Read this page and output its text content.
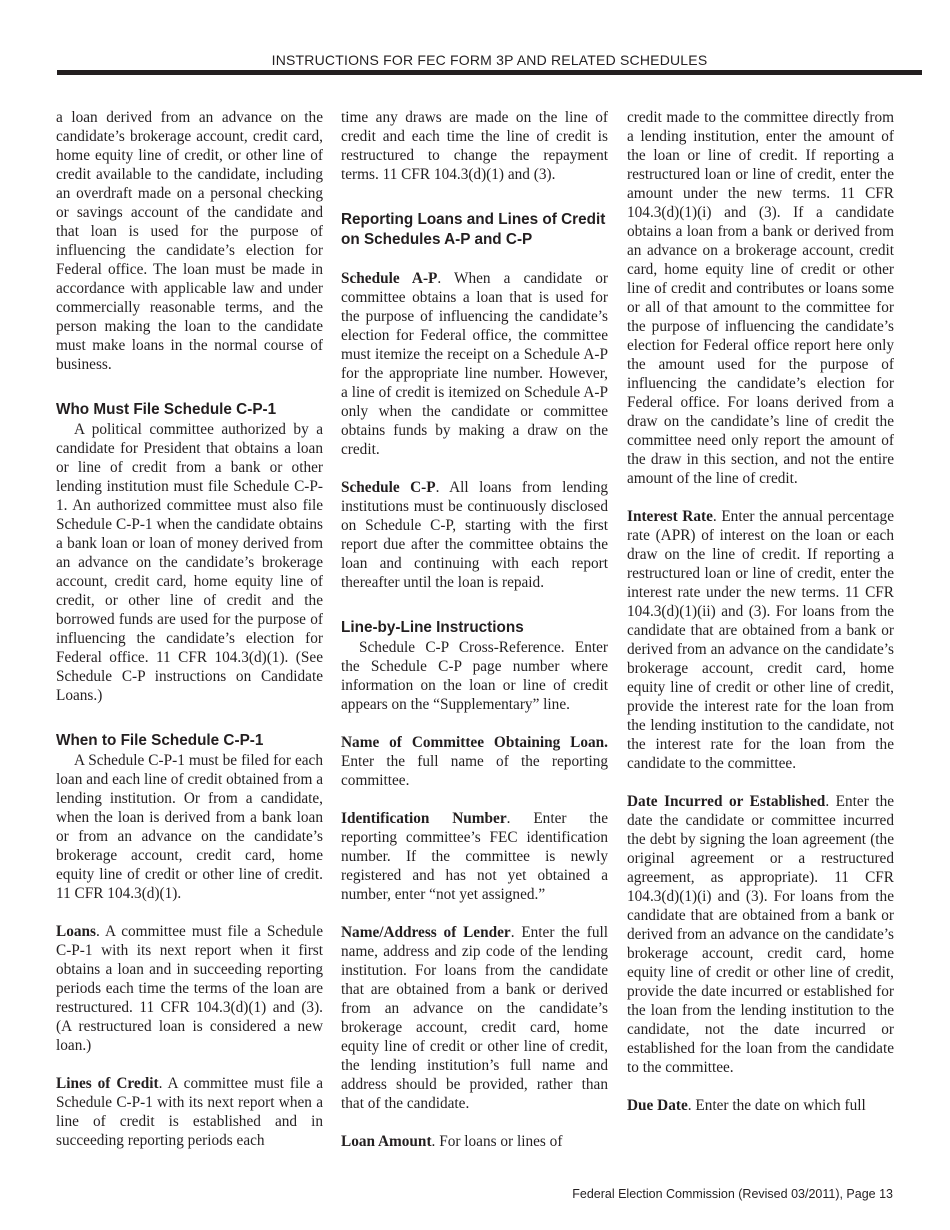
INSTRUCTIONS FOR FEC FORM 3P AND RELATED SCHEDULES

a loan derived from an advance on the candidate’s brokerage account, credit card, home equity line of credit, or other line of credit available to the candidate, including an overdraft made on a personal checking or savings account of the candidate and that loan is used for the purpose of influencing the candidate’s election for Federal office. The loan must be made in accordance with applicable law and under commercially reasonable terms, and the person making the loan to the candidate must make loans in the normal course of business.

Who Must File Schedule C-P-1

A political committee authorized by a candidate for President that obtains a loan or line of credit from a bank or other lending institution must file Schedule C-P-1. An authorized committee must also file Schedule C-P-1 when the candidate obtains a bank loan or loan of money derived from an advance on the candidate’s brokerage account, credit card, home equity line of credit, or other line of credit and the borrowed funds are used for the purpose of influencing the candidate’s election for Federal office. 11 CFR 104.3(d)(1). (See Schedule C-P instructions on Candidate Loans.)

When to File Schedule C-P-1

A Schedule C-P-1 must be filed for each loan and each line of credit obtained from a lending institution. Or from a candidate, when the loan is derived from a bank loan or from an advance on the candidate’s brokerage account, credit card, home equity line of credit or other line of credit. 11 CFR 104.3(d)(1).

Loans. A committee must file a Schedule C-P-1 with its next report when it first obtains a loan and in succeeding reporting periods each time the terms of the loan are restructured. 11 CFR 104.3(d)(1) and (3). (A restructured loan is considered a new loan.)

Lines of Credit. A committee must file a Schedule C-P-1 with its next report when a line of credit is established and in succeeding reporting periods each

time any draws are made on the line of credit and each time the line of credit is restructured to change the repayment terms. 11 CFR 104.3(d)(1) and (3).

Reporting Loans and Lines of Credit on Schedules A-P and C-P

Schedule A-P. When a candidate or committee obtains a loan that is used for the purpose of influencing the candidate’s election for Federal office, the committee must itemize the receipt on a Schedule A-P for the appropriate line number. However, a line of credit is itemized on Schedule A-P only when the candidate or committee obtains funds by making a draw on the credit.

Schedule C-P. All loans from lending institutions must be continuously disclosed on Schedule C-P, starting with the first report due after the committee obtains the loan and continuing with each report thereafter until the loan is repaid.

Line-by-Line Instructions

Schedule C-P Cross-Reference. Enter the Schedule C-P page number where information on the loan or line of credit appears on the “Supplementary” line.

Name of Committee Obtaining Loan. Enter the full name of the reporting committee.

Identification Number. Enter the reporting committee’s FEC identification number. If the committee is newly registered and has not yet obtained a number, enter “not yet assigned.”

Name/Address of Lender. Enter the full name, address and zip code of the lending institution. For loans from the candidate that are obtained from a bank or derived from an advance on the candidate’s brokerage account, credit card, home equity line of credit or other line of credit, the lending institution’s full name and address should be provided, rather than that of the candidate.

Loan Amount. For loans or lines of

credit made to the committee directly from a lending institution, enter the amount of the loan or line of credit. If reporting a restructured loan or line of credit, enter the amount under the new terms. 11 CFR 104.3(d)(1)(i) and (3). If a candidate obtains a loan from a bank or derived from an advance on a brokerage account, credit card, home equity line of credit or other line of credit and contributes or loans some or all of that amount to the committee for the purpose of influencing the candidate’s election for Federal office report here only the amount used for the purpose of influencing the candidate’s election for Federal office. For loans derived from a draw on the candidate’s line of credit the committee need only report the amount of the draw in this section, and not the entire amount of the line of credit.

Interest Rate. Enter the annual percentage rate (APR) of interest on the loan or each draw on the line of credit. If reporting a restructured loan or line of credit, enter the interest rate under the new terms. 11 CFR 104.3(d)(1)(ii) and (3). For loans from the candidate that are obtained from a bank or derived from an advance on the candidate’s brokerage account, credit card, home equity line of credit or other line of credit, provide the interest rate for the loan from the lending institution to the candidate, not the interest rate for the loan from the candidate to the committee.

Date Incurred or Established. Enter the date the candidate or committee incurred the debt by signing the loan agreement (the original agreement or a restructured agreement, as appropriate). 11 CFR 104.3(d)(1)(i) and (3). For loans from the candidate that are obtained from a bank or derived from an advance on the candidate’s brokerage account, credit card, home equity line of credit or other line of credit, provide the date incurred or established for the loan from the lending institution to the candidate, not the date incurred or established for the loan from the candidate to the committee.

Due Date. Enter the date on which full

Federal Election Commission (Revised 03/2011), Page 13
